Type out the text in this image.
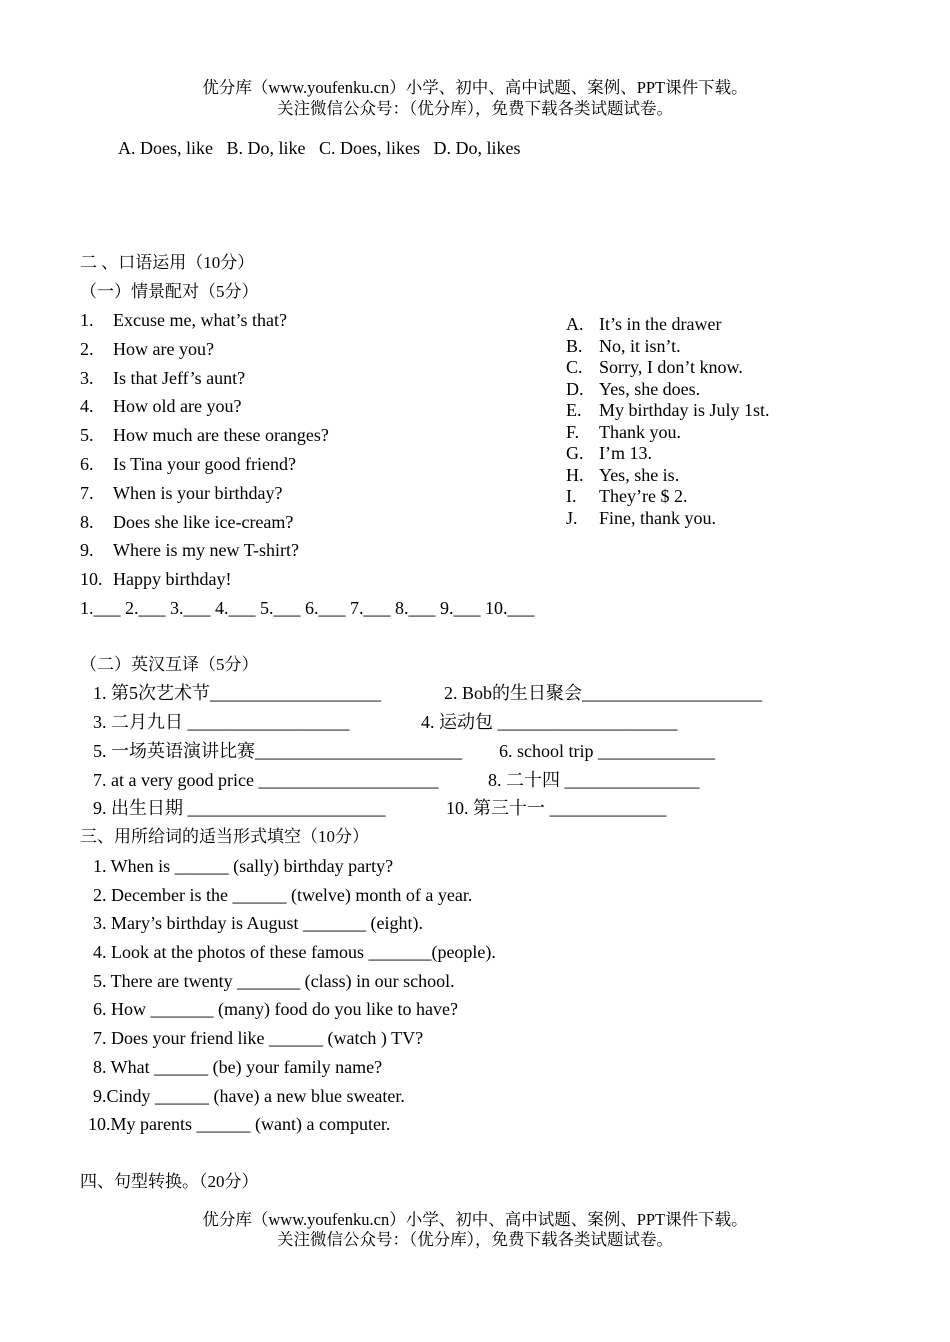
优分库（www.youfenku.cn）小学、初中、高中试题、案例、PPT课件下载。
关注微信公众号：（优分库），免费下载各类试题试卷。
A. Does, like   B. Do, like   C. Does, likes   D. Do, likes
二 、口语运用（10分）
（一）情景配对（5分）
1. Excuse me, what’s that?
2. How are you?
3. Is that Jeff’s aunt?
4. How old are you?
5. How much are these oranges?
6. Is Tina your good friend?
7. When is your birthday?
8. Does she like ice-cream?
9. Where is my new T-shirt?
10. Happy birthday!
A. It’s in the drawer
B. No, it isn’t.
C. Sorry, I don’t know.
D. Yes, she does.
E. My birthday is July 1st.
F. Thank you.
G. I’m 13.
H. Yes, she is.
I. They’re $ 2.
J. Fine, thank you.
1.___ 2.___ 3.___ 4.___ 5.___ 6.___ 7.___ 8.___ 9.___ 10.___
（二）英汉互译（5分）
1. 第5次艺术节___________________	2. Bob的生日聚会____________________
3. 二月九日 __________________	4. 运动包 ____________________
5. 一场英语演讲比赛_______________________ 6. school trip _____________
7. at a very good price ____________________	8. 二十四 _______________
9. 出生日期 ______________________	10. 第三十一 _____________
三、用所给词的适当形式填空（10分）
1. When is ______ (sally) birthday party?
2. December is the ______ (twelve) month of a year.
3. Mary’s birthday is August _______ (eight).
4. Look at the photos of these famous _______(people).
5. There are twenty _______ (class) in our school.
6. How _______ (many) food do you like to have?
7. Does your friend like ______ (watch ) TV?
8. What ______ (be) your family name?
9.Cindy ______ (have) a new blue sweater.
10.My parents ______ (want) a computer.
四、句型转换。（20分）
优分库（www.youfenku.cn）小学、初中、高中试题、案例、PPT课件下载。
关注微信公众号：（优分库），免费下载各类试题试卷。
